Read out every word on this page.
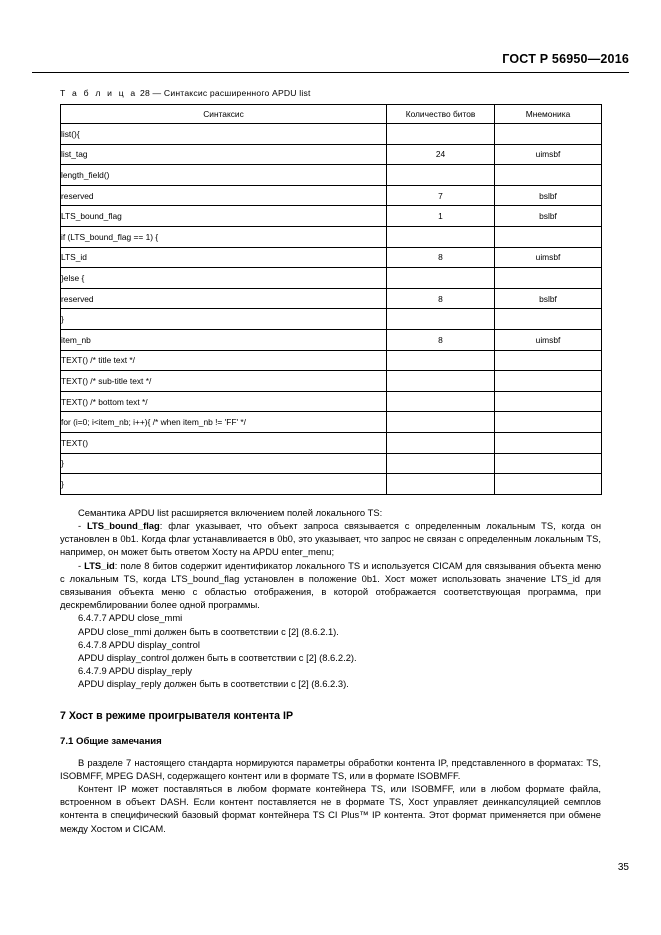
ГОСТ Р 56950—2016
Т а б л и ц а 28 — Синтаксис расширенного APDU list
Синтаксис	Количество битов	Мнемоника
list(){		
list_tag	24	uimsbf
length_field()		
reserved	7	bslbf
LTS_bound_flag	1	bslbf
if (LTS_bound_flag == 1) {		
LTS_id	8	uimsbf
}else {		
reserved	8	bslbf
}		
item_nb	8	uimsbf
TEXT() /* title text */		
TEXT() /* sub-title text */		
TEXT() /* bottom text */		
for (i=0; i<item_nb; i++){ /* when item_nb != 'FF' */		
TEXT()		
}		
}		

Семантика APDU list расширяется включением полей локального TS:

- LTS_bound_flag: флаг указывает, что объект запроса связывается с определенным локальным TS, когда он установлен в 0b1. Когда флаг устанавливается в 0b0, это указывает, что запрос не связан с определенным локальным TS, например, он может быть ответом Хосту на APDU enter_menu;

- LTS_id: поле 8 битов содержит идентификатор локального TS и используется CICAM для связывания объекта меню с локальным TS, когда LTS_bound_flag установлен в положение 0b1. Хост может использовать значение LTS_id для связывания объекта меню с областью отображения, в которой отображается соответствующая программа, при дескремблировании более одной программы.

6.4.7.7 APDU close_mmi

APDU close_mmi должен быть в соответствии с [2] (8.6.2.1).

6.4.7.8 APDU display_control

APDU display_control должен быть в соответствии с [2] (8.6.2.2).

6.4.7.9 APDU display_reply

APDU display_reply должен быть в соответствии с [2] (8.6.2.3).

7 Хост в режиме проигрывателя контента IP
7.1 Общие замечания

В разделе 7 настоящего стандарта нормируются параметры обработки контента IP, представленного в форматах: TS, ISOBMFF, MPEG DASH, содержащего контент или в формате TS, или в формате ISOBMFF.

Контент IP может поставляться в любом формате контейнера TS, или ISOBMFF, или в любом формате файла, встроенном в объект DASH. Если контент поставляется не в формате TS, Хост управляет деинкапсуляцией семплов контента в специфический базовый формат контейнера TS CI Plus™ IP контента. Этот формат применяется при обмене между Хостом и CICAM.

35
